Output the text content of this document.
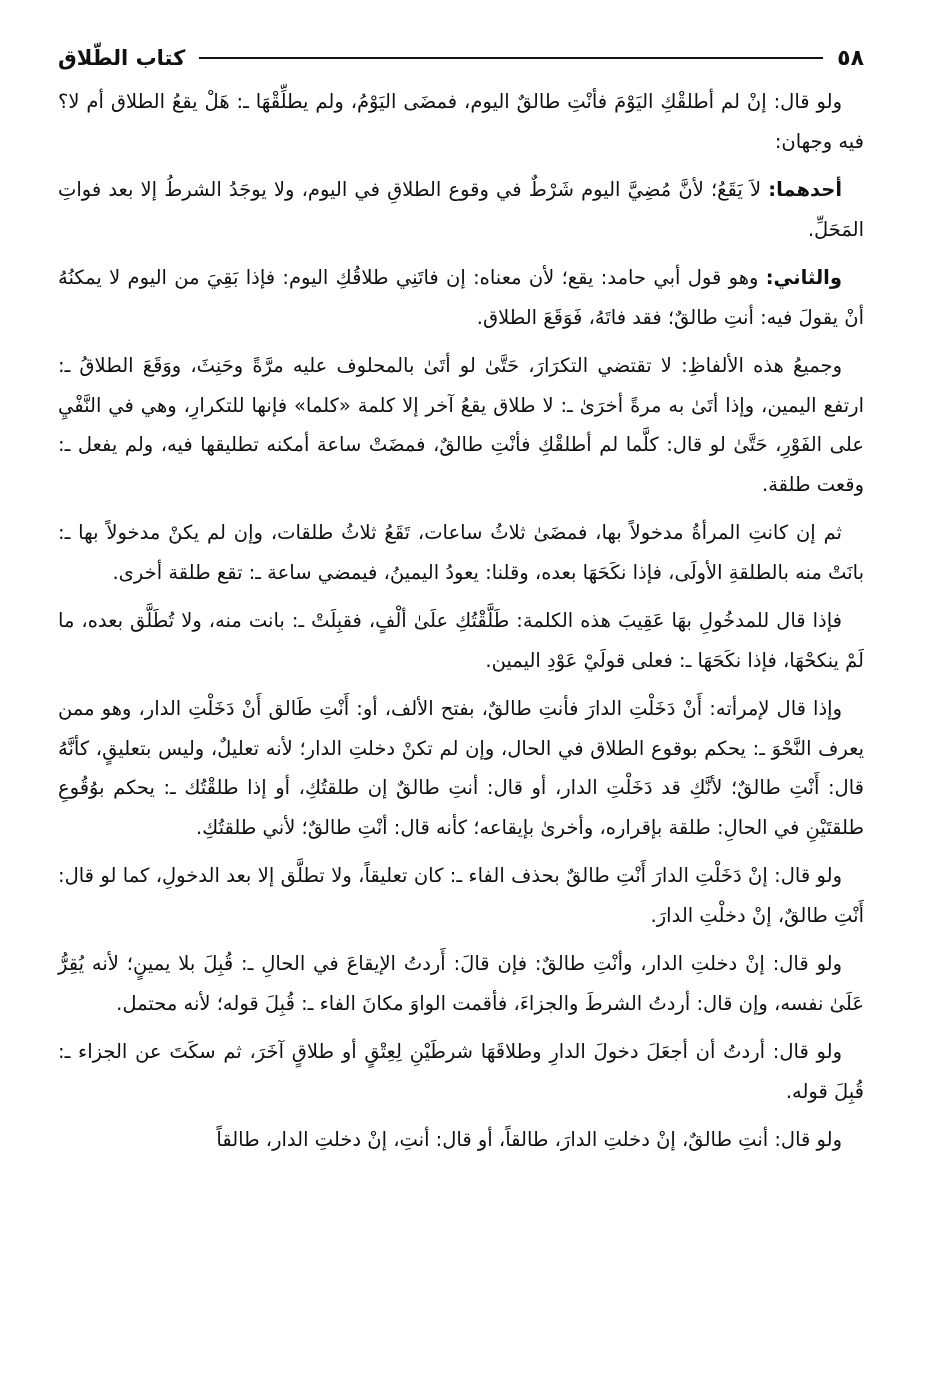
٥٨
كتاب الطّلاق

ولو قال: إنْ لم أطلقْكِ اليَوْمَ فأنْتِ طالقٌ اليوم، فمضَى اليَوْمُ، ولم يطلِّقْهَا ـ: هَلْ يقعُ الطلاق أم لا؟ فيه وجهان:

أحدهما: لاَ يَقَعُ؛ لأنَّ مُضِيَّ اليوم شَرْطٌ في وقوع الطلاقِ في اليوم، ولا يوجَدُ الشرطُ إلا بعد فواتِ المَحَلِّ.

والثاني: وهو قول أبي حامد: يقع؛ لأن معناه: إن فاتَنِي طلاقُكِ اليوم: فإذا بَقِيَ من اليوم لا يمكنُهُ أنْ يقولَ فيه: أنتِ طالقٌ؛ فقد فاتَهُ، فَوَقَعَ الطلاق.

وجميعُ هذه الألفاظِ: لا تقتضي التكرَارَ، حَتَّىٰ لو أتَىٰ بالمحلوف عليه مرَّةً وحَنِثَ، ووَقَعَ الطلاقُ ـ: ارتفع اليمين، وإذا أتَىٰ به مرةً أخرَىٰ ـ: لا طلاق يقعُ آخر إلا كلمة «كلما» فإنها للتكرارِ، وهي في النَّفْيِ على الفَوْرِ، حَتَّىٰ لو قال: كلَّما لم أطلقْكِ فأنْتِ طالقٌ، فمضَتْ ساعة أمكنه تطليقها فيه، ولم يفعل ـ: وقعت طلقة.

ثم إن كانتِ المرأةُ مدخولاً بها، فمضَىٰ ثلاثُ ساعات، تَقَعُ ثلاثُ طلقات، وإن لم يكنْ مدخولاً بها ـ: بانَتْ منه بالطلقةِ الأولَى، فإذا نكَحَهَا بعده، وقلنا: يعودُ اليمينُ، فيمضي ساعة ـ: تقع طلقة أخرى.

فإذا قال للمدخُولِ بهَا عَقِيبَ هذه الكلمة: طَلَّقْتُكِ علَىٰ ألْفٍ، فقبِلَتْ ـ: بانت منه، ولا تُطَلَّق بعده، ما لَمْ ينكحْهَا، فإذا نكَحَهَا ـ: فعلى قولَيْ عَوْدِ اليمين.

وإذا قال لإمرأته: أَنْ دَخَلْتِ الدارَ فأنتِ طالقٌ، بفتح الألف، أو: أَنْتِ طَالق أَنْ دَخَلْتِ الدار، وهو ممن يعرف النَّحْوَ ـ: يحكم بوقوع الطلاق في الحال، وإن لم تكنْ دخلتِ الدار؛ لأنه تعليلٌ، وليس بتعليقٍ، كأنَّهُ قال: أَنْتِ طالقٌ؛ لأنَّكِ قد دَخَلْتِ الدار، أو قال: أنتِ طالقٌ إن طلقتُكِ، أو إذا طلقْتُك ـ: يحكم بوُقُوعِ طلقتَيْنِ في الحالِ: طلقة بإقراره، وأخرىٰ بإيقاعه؛ كأنه قال: أنْتِ طالقٌ؛ لأني طلقتُكِ.

ولو قال: إنْ دَخَلْتِ الدارَ أَنْتِ طالقٌ بحذف الفاء ـ: كان تعليقاً، ولا تطلَّق إلا بعد الدخولِ، كما لو قال: أَنْتِ طالقٌ، إنْ دخلْتِ الدارَ.

ولو قال: إنْ دخلتِ الدار، وأنْتِ طالقٌ: فإن قالَ: أَردتُ الإيقاعَ في الحالِ ـ: قُبِلَ بلا يمينٍ؛ لأنه يُقِرُّ عَلَىٰ نفسه، وإن قال: أردتُ الشرطَ والجزاءَ، فأقمت الواوَ مكانَ الفاء ـ: قُبِلَ قوله؛ لأنه محتمل.

ولو قال: أردتُ أن أجعَلَ دخولَ الدارِ وطلاقَهَا شرطَيْنِ لِعِتْقٍ أو طلاقٍ آخَرَ، ثم سكَتَ عن الجزاء ـ: قُبِلَ قوله.

ولو قال: أنتِ طالقٌ، إنْ دخلتِ الدارَ، طالقاً، أو قال: أنتِ، إنْ دخلتِ الدار، طالقاً
